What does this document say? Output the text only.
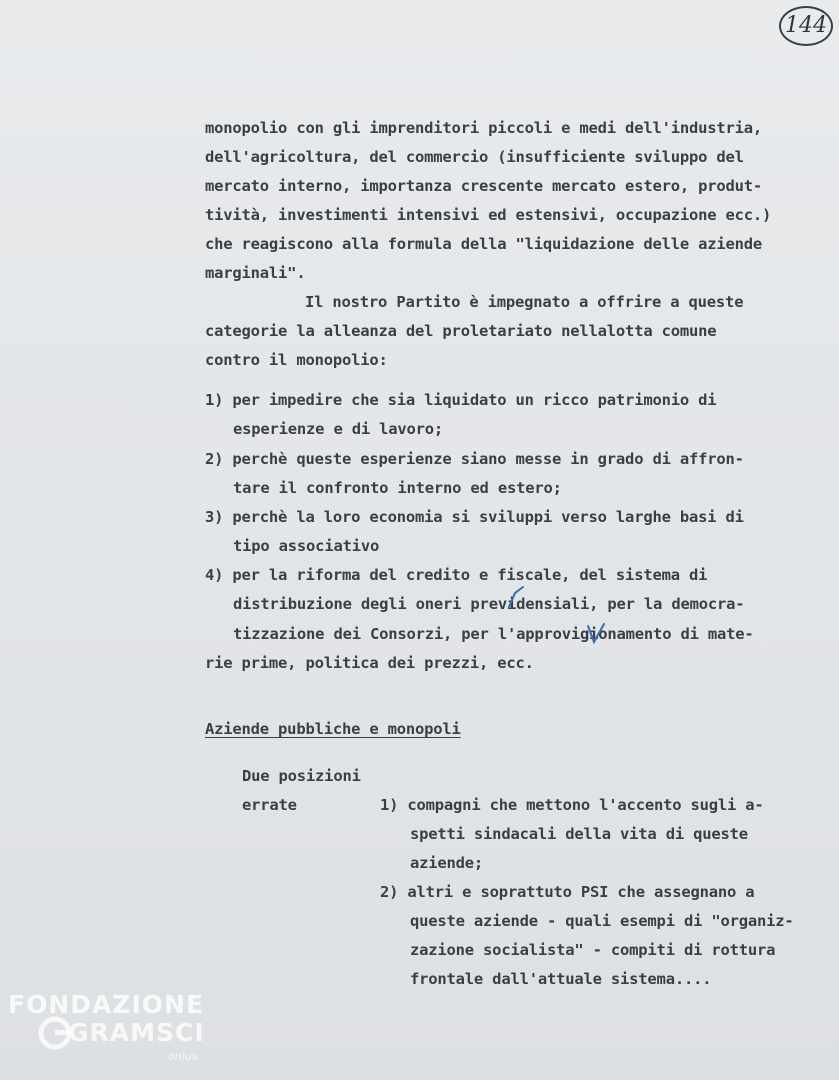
144
monopolio con gli imprenditori piccoli e medi dell'industria,
dell'agricoltura, del commercio (insufficiente sviluppo del
mercato interno, importanza crescente mercato estero, produt-
tività, investimenti intensivi ed estensivi, occupazione ecc.)
che reagiscono alla formula della "liquidazione delle aziende
marginali".
Il nostro Partito è impegnato a offrire a queste
categorie la alleanza del proletariato nellalotta comune
contro il monopolio:
1) per impedire che sia liquidato un ricco patrimonio di
esperienze e di lavoro;
2) perchè queste esperienze siano messe in grado di affron-
tare il confronto interno ed estero;
3) perchè la loro economia si sviluppi verso larghe basi di
tipo associativo
4) per la riforma del credito e fiscale, del sistema di
distribuzione degli oneri previdensiali, per la democra-
tizzazione dei Consorzi, per l'approvigionamento di mate-
rie prime, politica dei prezzi, ecc.
Aziende pubbliche e monopoli
Due posizioni
errate	1) compagni che mettono l'accento sugli a-
spetti sindacali della vita di queste
aziende;
2) altri e soprattuto PSI che assegnano a
queste aziende - quali esempi di "organiz-
zazione socialista" - compiti di rottura
frontale dall'attuale sistema....
FONDAZIONE
GRAMSCI
onlus
